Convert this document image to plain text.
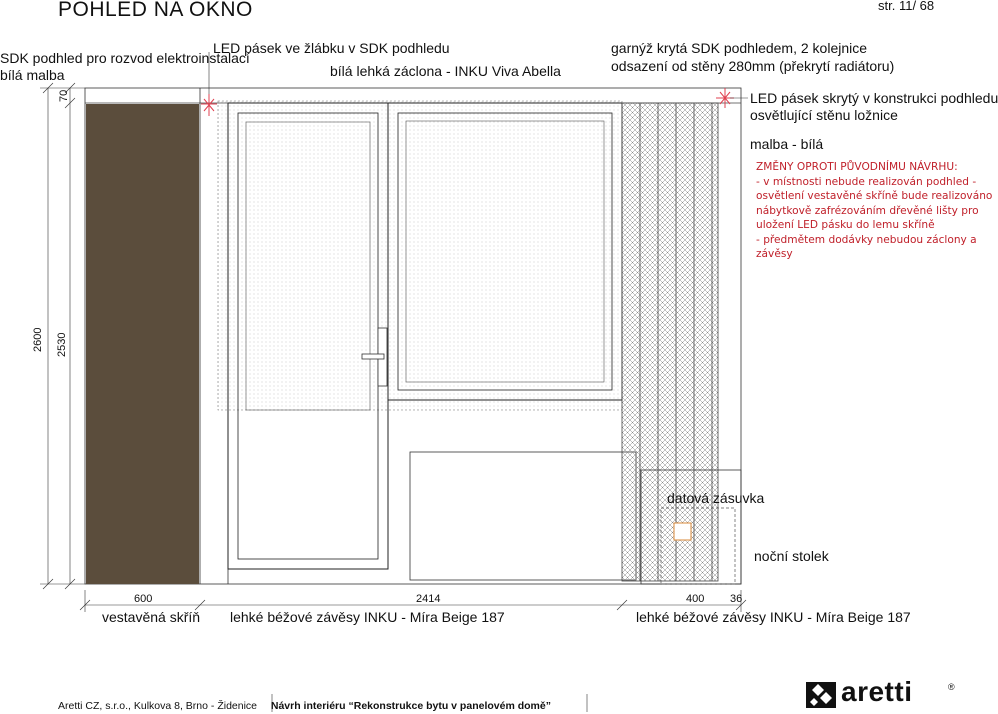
POHLED NA OKNO	str. 11/ 68
SDK podhled pro rozvod elektroinstalací
bílá malba
LED pásek ve žlábku v SDK podhledu
bílá lehká záclona - INKU Viva Abella
garnýž krytá SDK podhledem, 2 kolejnice
odsazení od stěny 280mm (překrytí radiátoru)
LED pásek skrytý v konstrukci podhledu
osvětlující stěnu ložnice
malba - bílá
ZMĚNY OPROTI PŮVODNÍMU NÁVRHU:
- v místnosti nebude realizován podhled -
osvětlení vestavěné skříně bude realizováno
nábytkově zafrézováním dřevěné lišty pro
uložení LED pásku do lemu skříně
- předmětem dodávky nebudou záclony a
závěsy
2600 2530
70
600	2414	400 36
datová zásuvka
noční stolek
vestavěná skříň lehké béžové závěsy INKU - Míra Beige 187	lehké béžové závěsy INKU - Míra Beige 187
Aretti CZ, s.r.o., Kulkova 8, Brno - Židenice Návrh interiéru “Rekonstrukce bytu v panelovém domě”	aretti	®
